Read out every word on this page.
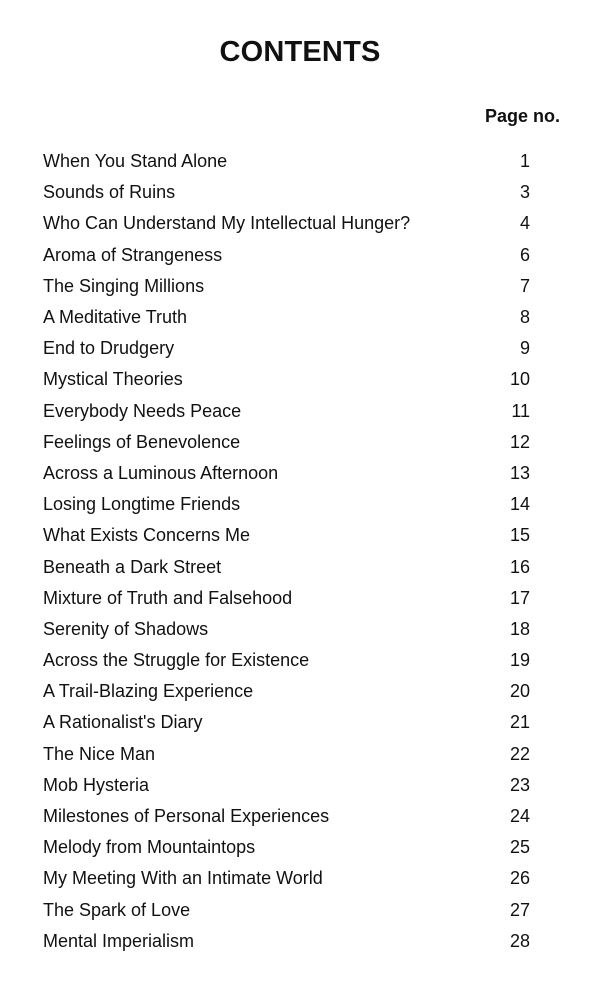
CONTENTS
Page no.
When You Stand Alone	1
Sounds of Ruins	3
Who Can Understand My Intellectual Hunger?	4
Aroma of Strangeness	6
The Singing Millions	7
A Meditative Truth	8
End to Drudgery	9
Mystical Theories	10
Everybody Needs Peace	11
Feelings of Benevolence	12
Across a Luminous Afternoon	13
Losing Longtime Friends	14
What Exists Concerns Me	15
Beneath a Dark Street	16
Mixture of Truth and Falsehood	17
Serenity of Shadows	18
Across the Struggle for Existence	19
A Trail-Blazing Experience	20
A Rationalist's Diary	21
The Nice Man	22
Mob Hysteria	23
Milestones of Personal Experiences	24
Melody from Mountaintops	25
My Meeting With an Intimate World	26
The Spark of Love	27
Mental Imperialism	28
